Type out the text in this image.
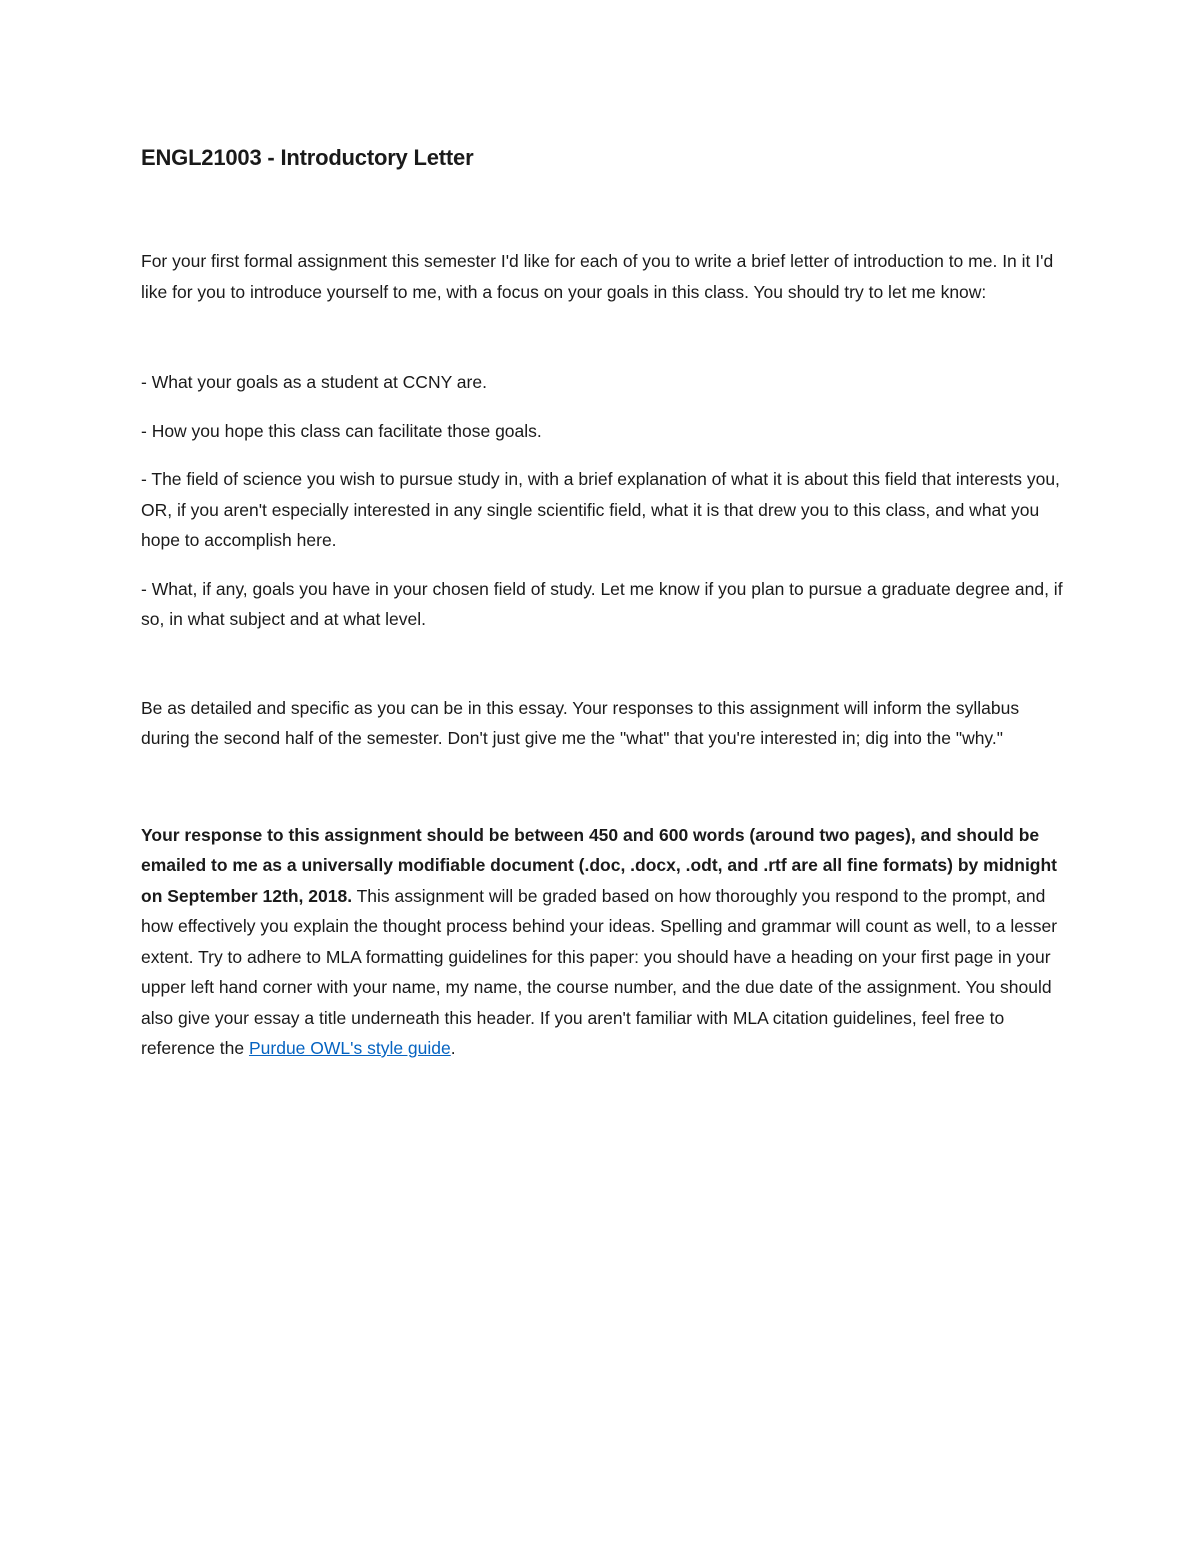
ENGL21003 - Introductory Letter

For your first formal assignment this semester I'd like for each of you to write a brief letter of introduction to me. In it I'd like for you to introduce yourself to me, with a focus on your goals in this class. You should try to let me know:

- What your goals as a student at CCNY are.

- How you hope this class can facilitate those goals.

- The field of science you wish to pursue study in, with a brief explanation of what it is about this field that interests you, OR, if you aren't especially interested in any single scientific field, what it is that drew you to this class, and what you hope to accomplish here.

- What, if any, goals you have in your chosen field of study. Let me know if you plan to pursue a graduate degree and, if so, in what subject and at what level.

Be as detailed and specific as you can be in this essay. Your responses to this assignment will inform the syllabus during the second half of the semester. Don't just give me the "what" that you're interested in; dig into the "why."

Your response to this assignment should be between 450 and 600 words (around two pages), and should be emailed to me as a universally modifiable document (.doc, .docx, .odt, and .rtf are all fine formats) by midnight on September 12th, 2018. This assignment will be graded based on how thoroughly you respond to the prompt, and how effectively you explain the thought process behind your ideas. Spelling and grammar will count as well, to a lesser extent. Try to adhere to MLA formatting guidelines for this paper: you should have a heading on your first page in your upper left hand corner with your name, my name, the course number, and the due date of the assignment. You should also give your essay a title underneath this header. If you aren't familiar with MLA citation guidelines, feel free to reference the Purdue OWL's style guide.
